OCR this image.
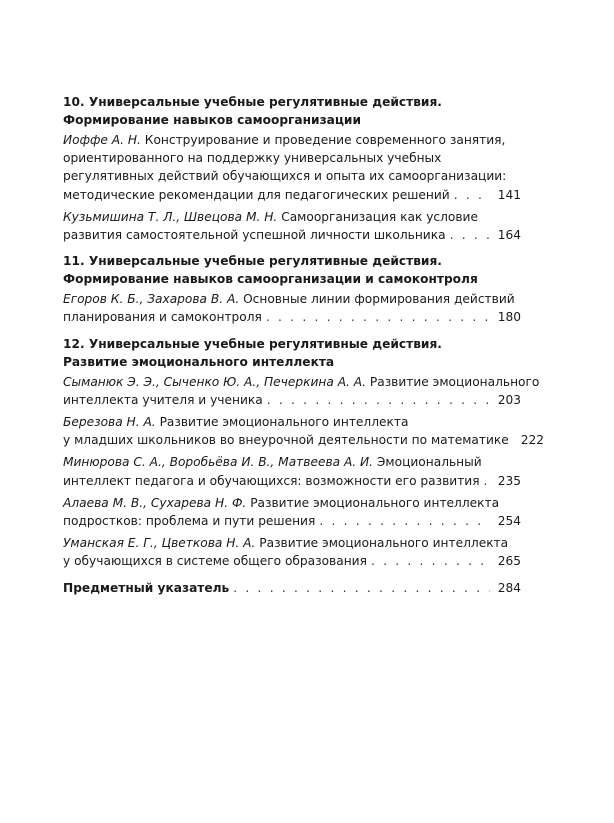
10. Универсальные учебные регулятивные действия.
Формирование навыков самоорганизации
Иоффе А. Н. Конструирование и проведение современного занятия,
ориентированного на поддержку универсальных учебных
регулятивных действий обучающихся и опыта их самоорганизации:
методические рекомендации для педагогических решений . . .	141
Кузьмишина Т. Л., Швецова М. Н. Самоорганизация как условие
развития самостоятельной успешной личности школьника . . .	164
11. Универсальные учебные регулятивные действия.
Формирование навыков самоорганизации и самоконтроля
Егоров К. Б., Захарова В. А. Основные линии формирования действий
планирования и самоконтроля . . .	180
12. Универсальные учебные регулятивные действия.
Развитие эмоционального интеллекта
Сыманюк Э. Э., Сыченко Ю. А., Печеркина А. А. Развитие эмоционального
интеллекта учителя и ученика . . .	203
Березова Н. А. Развитие эмоционального интеллекта
у младших школьников во внеурочной деятельности по математике 222
Минюрова С. А., Воробьёва И. В., Матвеева А. И. Эмоциональный
интеллект педагога и обучающихся: возможности его развития . . . 235
Алаева М. В., Сухарева Н. Ф. Развитие эмоционального интеллекта
подростков: проблема и пути решения . . .	254
Уманская Е. Г., Цветкова Н. А. Развитие эмоционального интеллекта
у обучающихся в системе общего образования . . .	265
Предметный указатель . . .	284
